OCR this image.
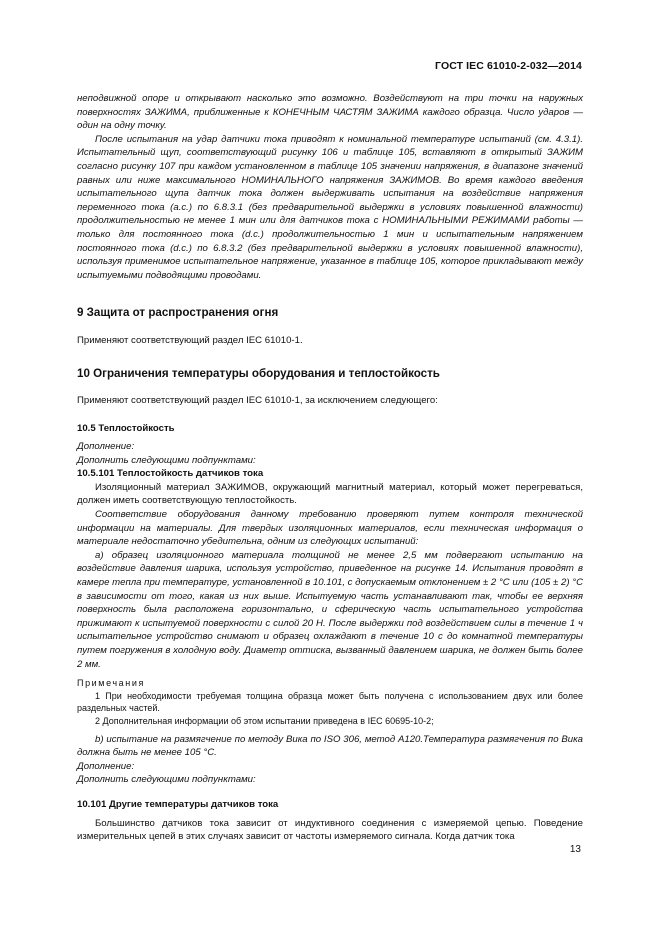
ГОСТ IEC 61010-2-032—2014

неподвижной опоре и открывают насколько это возможно. Воздействуют на три точки на наружных поверхностях ЗАЖИМА, приближенные к КОНЕЧНЫМ ЧАСТЯМ ЗАЖИМА каждого образца. Число ударов — один на одну точку.

После испытания на удар датчики тока приводят к номинальной температуре испытаний (см. 4.3.1). Испытательный щуп, соответствующий рисунку 106 и таблице 105, вставляют в открытый ЗАЖИМ согласно рисунку 107 при каждом установленном в таблице 105 значении напряжения, в диапазоне значений равных или ниже максимального НОМИНАЛЬНОГО напряжения ЗАЖИМОВ. Во время каждого введения испытательного щупа датчик тока должен выдерживать испытания на воздействие напряжения переменного тока (a.c.) по 6.8.3.1 (без предварительной выдержки в условиях повышенной влажности) продолжительностью не менее 1 мин или для датчиков тока с НОМИНАЛЬНЫМИ РЕЖИМАМИ работы — только для постоянного тока (d.c.) продолжительностью 1 мин и испытательным напряжением постоянного тока (d.c.) по 6.8.3.2 (без предварительной выдержки в условиях повышенной влажности), используя применимое испытательное напряжение, указанное в таблице 105, которое прикладывают между испытуемыми подводящими проводами.

9 Защита от распространения огня

Применяют соответствующий раздел IEC 61010-1.

10 Ограничения температуры оборудования и теплостойкость

Применяют соответствующий раздел IEC 61010-1, за исключением следующего:

10.5 Теплостойкость

Дополнение:

Дополнить следующими подпунктами:

10.5.101 Теплостойкость датчиков тока

Изоляционный материал ЗАЖИМОВ, окружающий магнитный материал, который может перегреваться, должен иметь соответствующую теплостойкость.

Соответствие оборудования данному требованию проверяют путем контроля технической информации на материалы. Для твердых изоляционных материалов, если техническая информация о материале недостаточно убедительна, одним из следующих испытаний:

а) образец изоляционного материала толщиной не менее 2,5 мм подвергают испытанию на воздействие давления шарика, используя устройство, приведенное на рисунке 14. Испытания проводят в камере тепла при температуре, установленной в 10.101, с допускаемым отклонением ± 2 °С или (105 ± 2) °С в зависимости от того, какая из них выше. Испытуемую часть устанавливают так, чтобы ее верхняя поверхность была расположена горизонтально, и сферическую часть испытательного устройства прижимают к испытуемой поверхности с силой 20 Н. После выдержки под воздействием силы в течение 1 ч испытательное устройство снимают и образец охлаждают в течение 10 с до комнатной температуры путем погружения в холодную воду. Диаметр оттиска, вызванный давлением шарика, не должен быть более 2 мм.

Примечания

1 При необходимости требуемая толщина образца может быть получена с использованием двух или более раздельных частей.

2 Дополнительная информации об этом испытании приведена в IEC 60695-10-2;

b) испытание на размягчение по методу Вика по ISO 306, метод А120.Температура размягчения по Вика должна быть не менее 105 °С.

Дополнение:

Дополнить следующими подпунктами:

10.101 Другие температуры датчиков тока

Большинство датчиков тока зависит от индуктивного соединения с измеряемой цепью. Поведение измерительных цепей в этих случаях зависит от частоты измеряемого сигнала. Когда датчик тока

13
